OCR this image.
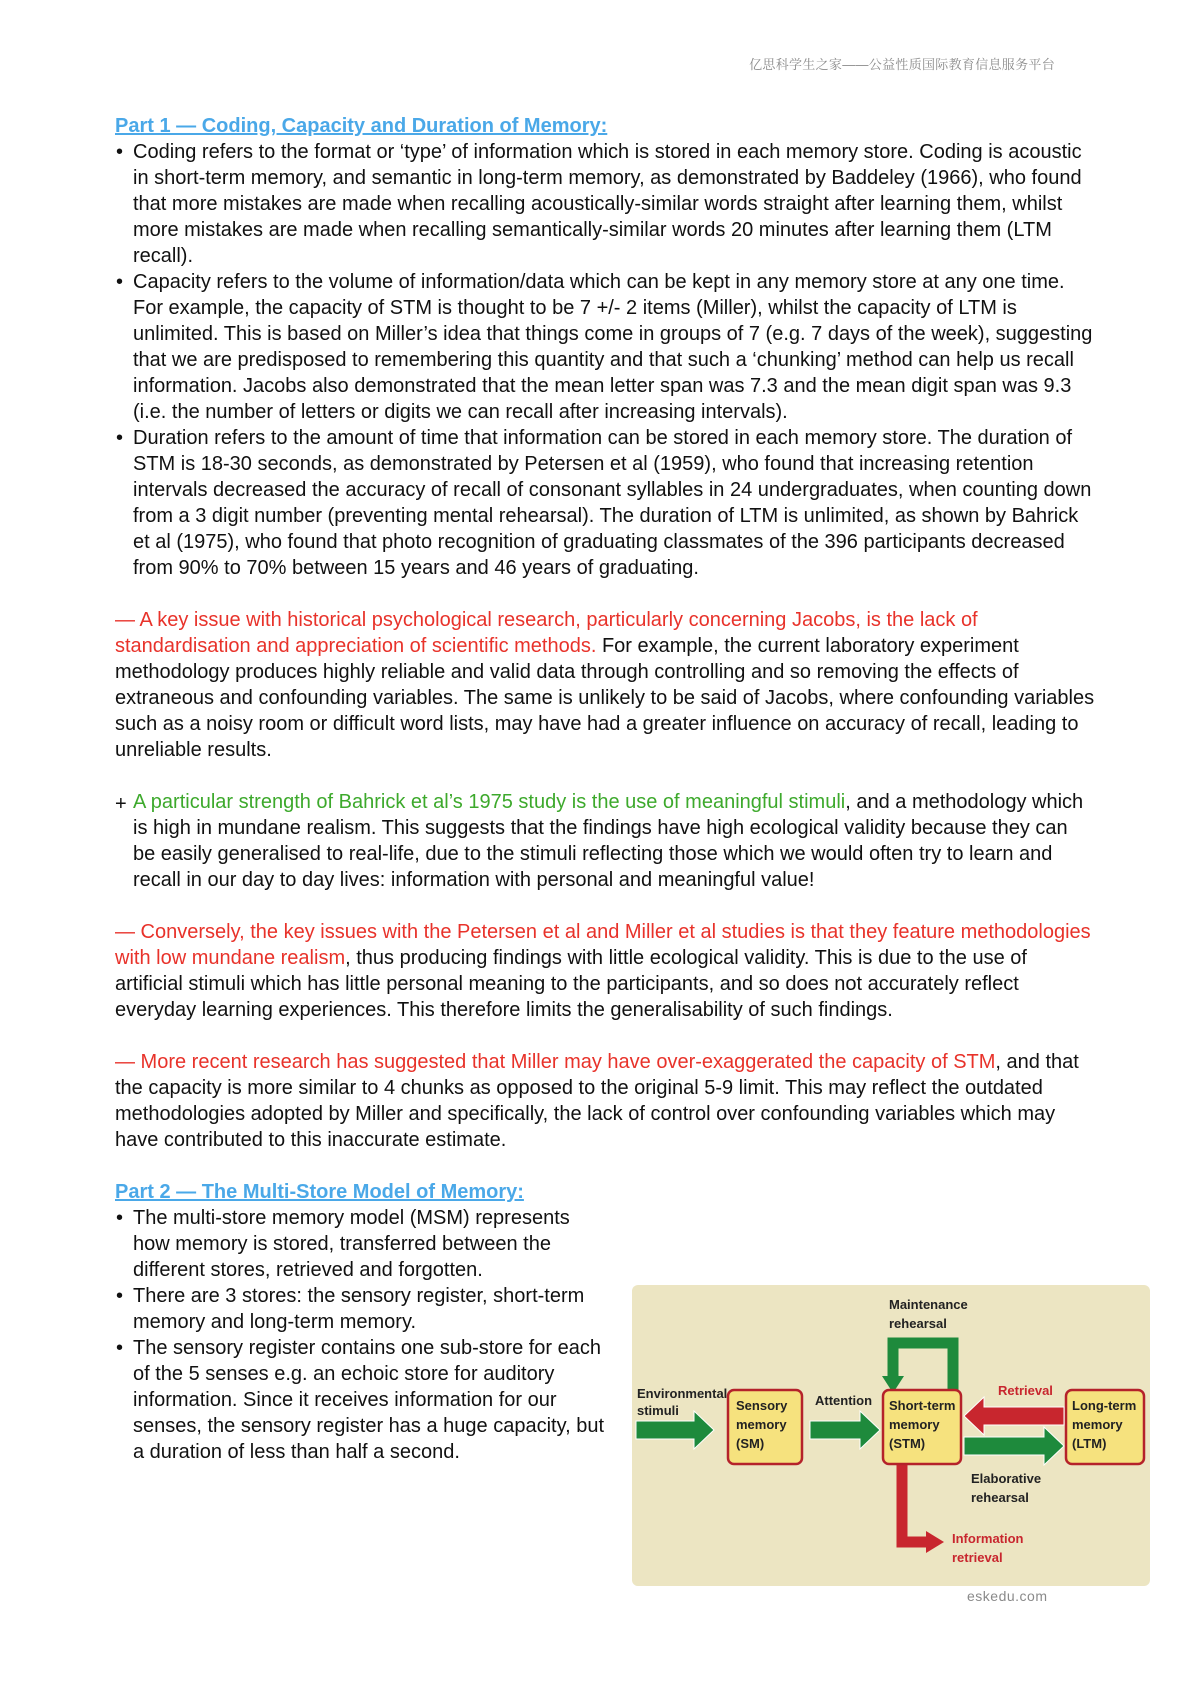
亿思科学生之家——公益性质国际教育信息服务平台
Part 1 — Coding, Capacity and Duration of Memory:
• Coding refers to the format or ‘type’ of information which is stored in each memory store. Coding is acoustic in short-term memory, and semantic in long-term memory, as demonstrated by Baddeley (1966), who found that more mistakes are made when recalling acoustically-similar words straight after learning them, whilst more mistakes are made when recalling semantically-similar words 20 minutes after learning them (LTM recall).
• Capacity refers to the volume of information/data which can be kept in any memory store at any one time. For example, the capacity of STM is thought to be 7 +/- 2 items (Miller), whilst the capacity of LTM is unlimited. This is based on Miller’s idea that things come in groups of 7 (e.g. 7 days of the week), suggesting that we are predisposed to remembering this quantity and that such a ‘chunking’ method can help us recall information. Jacobs also demonstrated that the mean letter span was 7.3 and the mean digit span was 9.3 (i.e. the number of letters or digits we can recall after increasing intervals).
• Duration refers to the amount of time that information can be stored in each memory store. The duration of STM is 18-30 seconds, as demonstrated by Petersen et al (1959), who found that increasing retention intervals decreased the accuracy of recall of consonant syllables in 24 undergraduates, when counting down from a 3 digit number (preventing mental rehearsal). The duration of LTM is unlimited, as shown by Bahrick et al (1975), who found that photo recognition of graduating classmates of the 396 participants decreased from 90% to 70% between 15 years and 46 years of graduating.

— A key issue with historical psychological research, particularly concerning Jacobs, is the lack of standardisation and appreciation of scientific methods. For example, the current laboratory experiment methodology produces highly reliable and valid data through controlling and so removing the effects of extraneous and confounding variables. The same is unlikely to be said of Jacobs, where confounding variables such as a noisy room or difficult word lists, may have had a greater influence on accuracy of recall, leading to unreliable results.

+ A particular strength of Bahrick et al’s 1975 study is the use of meaningful stimuli, and a methodology which is high in mundane realism. This suggests that the findings have high ecological validity because they can be easily generalised to real-life, due to the stimuli reflecting those which we would often try to learn and recall in our day to day lives: information with personal and meaningful value!

— Conversely, the key issues with the Petersen et al and Miller et al studies is that they feature methodologies with low mundane realism, thus producing findings with little ecological validity. This is due to the use of artificial stimuli which has little personal meaning to the participants, and so does not accurately reflect everyday learning experiences. This therefore limits the generalisability of such findings.

— More recent research has suggested that Miller may have over-exaggerated the capacity of STM, and that the capacity is more similar to 4 chunks as opposed to the original 5-9 limit. This may reflect the outdated methodologies adopted by Miller and specifically, the lack of control over confounding variables which may have contributed to this inaccurate estimate.

Part 2 — The Multi-Store Model of Memory:
• The multi-store memory model (MSM) represents how memory is stored, transferred between the different stores, retrieved and forgotten.
• There are 3 stores: the sensory register, short-term memory and long-term memory.
• The sensory register contains one sub-store for each of the 5 senses e.g. an echoic store for auditory information. Since it receives information for our senses, the sensory register has a huge capacity, but a duration of less than half a second.
Environmental
stimuli	Sensory
memory
(SM)
Attention Short-term
memory
(STM)
Long-term
memory
(LTM)
Maintenance
rehearsal
Retrieval
Elaborative
rehearsal
Information
retrieval
eskedu.com
